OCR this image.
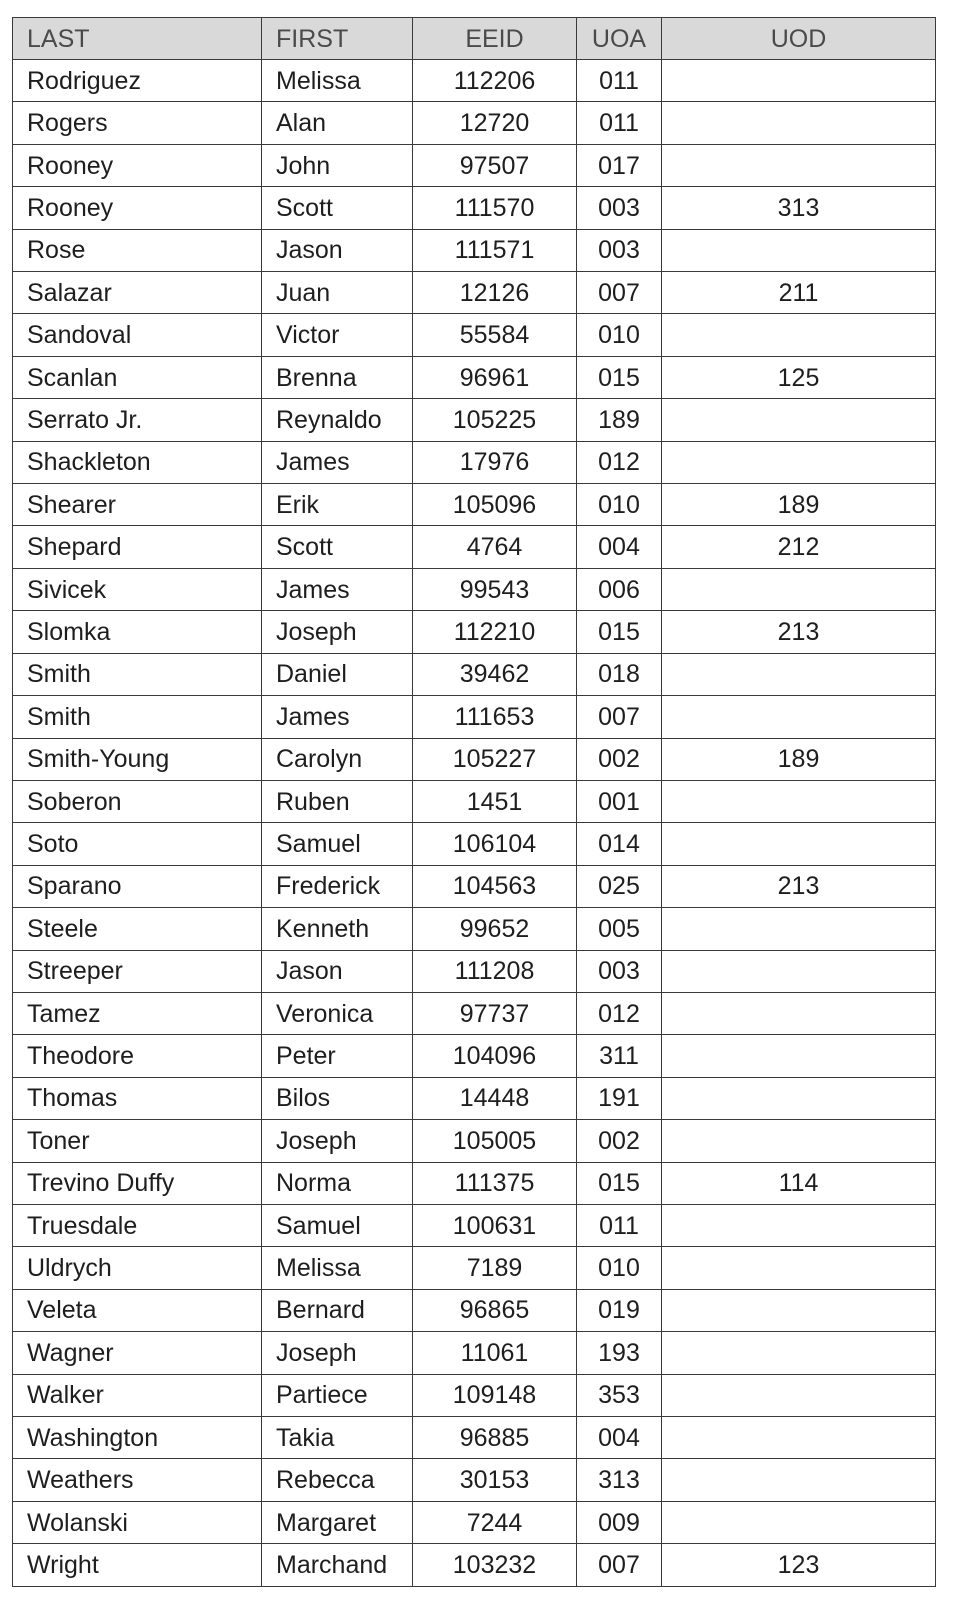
LAST	FIRST	EEID	UOA	UOD
Rodriguez	Melissa	112206	011	
Rogers	Alan	12720	011	
Rooney	John	97507	017	
Rooney	Scott	111570	003	313
Rose	Jason	111571	003	
Salazar	Juan	12126	007	211
Sandoval	Victor	55584	010	
Scanlan	Brenna	96961	015	125
Serrato Jr.	Reynaldo	105225	189	
Shackleton	James	17976	012	
Shearer	Erik	105096	010	189
Shepard	Scott	4764	004	212
Sivicek	James	99543	006	
Slomka	Joseph	112210	015	213
Smith	Daniel	39462	018	
Smith	James	111653	007	
Smith-Young	Carolyn	105227	002	189
Soberon	Ruben	1451	001	
Soto	Samuel	106104	014	
Sparano	Frederick	104563	025	213
Steele	Kenneth	99652	005	
Streeper	Jason	111208	003	
Tamez	Veronica	97737	012	
Theodore	Peter	104096	311	
Thomas	Bilos	14448	191	
Toner	Joseph	105005	002	
Trevino Duffy	Norma	111375	015	114
Truesdale	Samuel	100631	011	
Uldrych	Melissa	7189	010	
Veleta	Bernard	96865	019	
Wagner	Joseph	11061	193	
Walker	Partiece	109148	353	
Washington	Takia	96885	004	
Weathers	Rebecca	30153	313	
Wolanski	Margaret	7244	009	
Wright	Marchand	103232	007	123
